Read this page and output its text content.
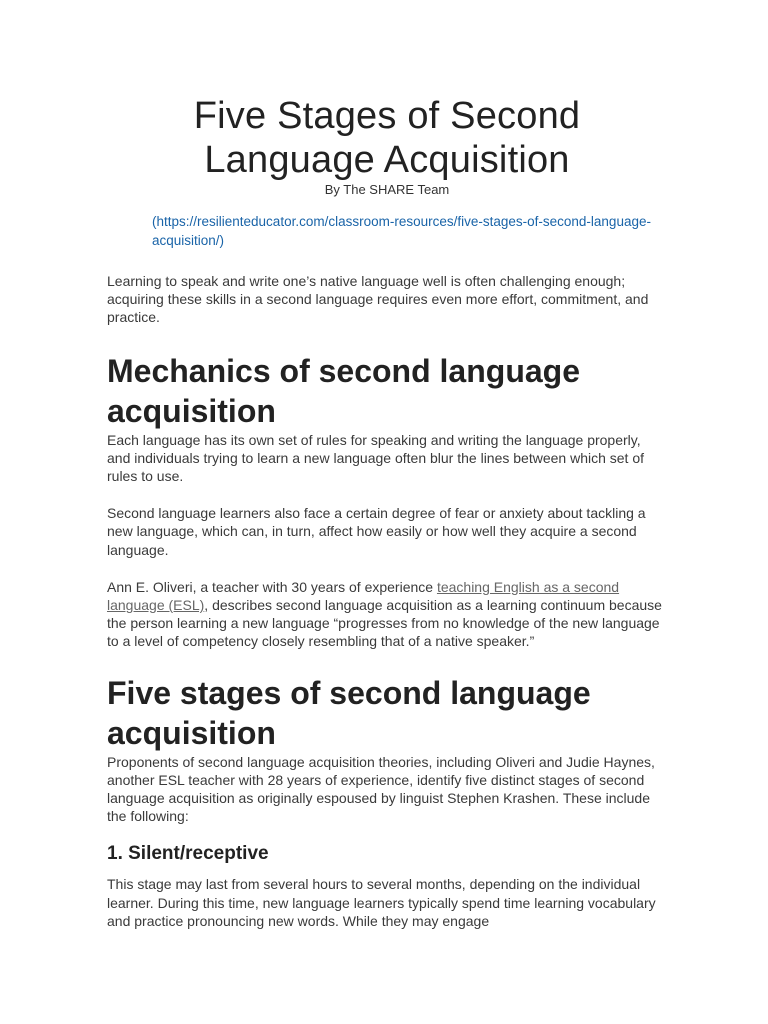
Five Stages of Second Language Acquisition

By The SHARE Team

(https://resilienteducator.com/classroom-resources/five-stages-of-second-language-acquisition/)

Learning to speak and write one’s native language well is often challenging enough; acquiring these skills in a second language requires even more effort, commitment, and practice.

Mechanics of second language acquisition

Each language has its own set of rules for speaking and writing the language properly, and individuals trying to learn a new language often blur the lines between which set of rules to use.

Second language learners also face a certain degree of fear or anxiety about tackling a new language, which can, in turn, affect how easily or how well they acquire a second language.

Ann E. Oliveri, a teacher with 30 years of experience teaching English as a second language (ESL), describes second language acquisition as a learning continuum because the person learning a new language “progresses from no knowledge of the new language to a level of competency closely resembling that of a native speaker.”

Five stages of second language acquisition

Proponents of second language acquisition theories, including Oliveri and Judie Haynes, another ESL teacher with 28 years of experience, identify five distinct stages of second language acquisition as originally espoused by linguist Stephen Krashen. These include the following:

1. Silent/receptive

This stage may last from several hours to several months, depending on the individual learner. During this time, new language learners typically spend time learning vocabulary and practice pronouncing new words. While they may engage
